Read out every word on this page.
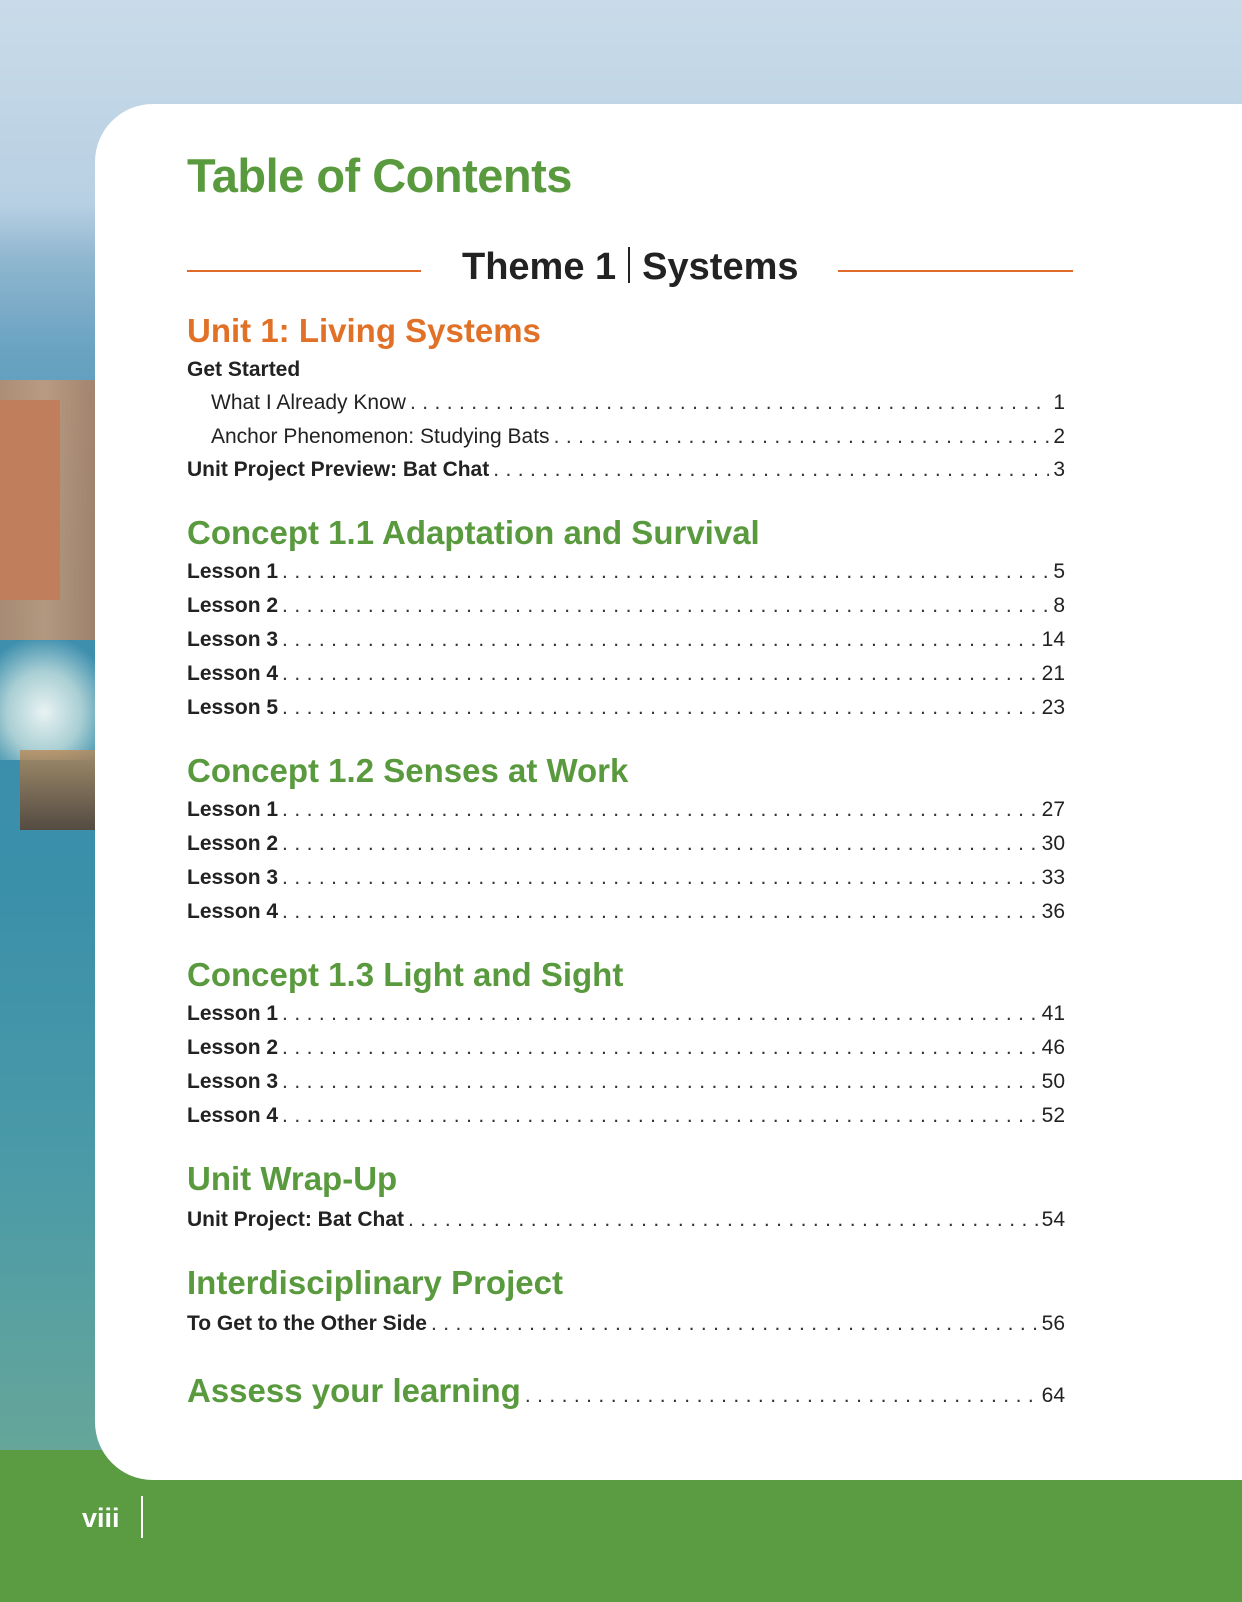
Table of Contents
Theme 1 Systems
Unit 1: Living Systems
Get Started
What I Already Know . . .	1
Anchor Phenomenon: Studying Bats . . .	2
Unit Project Preview: Bat Chat . . .	3
Concept 1.1 Adaptation and Survival
Lesson 1 . . .	5
Lesson 2 . . .	8
Lesson 3 . . .	14
Lesson 4 . . .	21
Lesson 5 . . .	23
Concept 1.2 Senses at Work
Lesson 1 . . .	27
Lesson 2 . . .	30
Lesson 3 . . .	33
Lesson 4 . . .	36
Concept 1.3 Light and Sight
Lesson 1 . . .	41
Lesson 2 . . .	46
Lesson 3 . . .	50
Lesson 4 . . .	52
Unit Wrap-Up
Unit Project: Bat Chat . . .	54
Interdisciplinary Project
To Get to the Other Side . . .	56
Assess your learning . . .	64
viii
